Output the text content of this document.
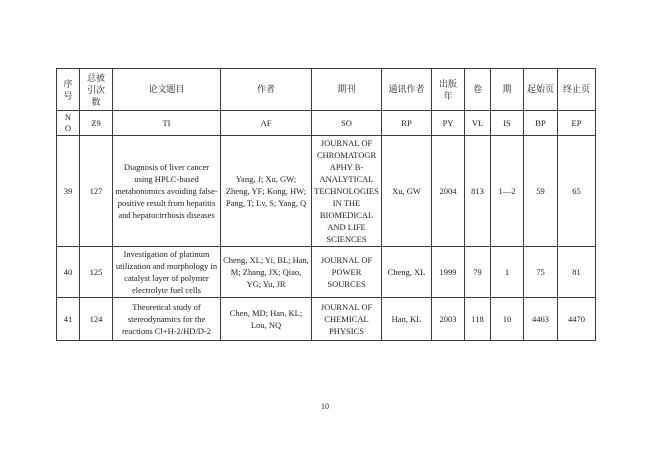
序号	总被引次数	论文题目	作者	期刊	通讯作者	出版年	卷	期	起始页	终止页
NO	Z9	TI	AF	SO	RP	PY	VL	IS	BP	EP
39	127	Diagnosis of liver cancer using HPLC-based metabonomics avoiding false-positive result from hepatitis and hepatocirrhosis diseases	Yang, J; Xu, GW; Zheng, YF; Kong, HW; Pang, T; Lv, S; Yang, Q	JOURNAL OF CHROMATOGRAPHY B-ANALYTICAL TECHNOLOGIES IN THE BIOMEDICAL AND LIFE SCIENCES	Xu, GW	2004	813	1—2	59	65
40	125	Investigation of platinum utilization and morphology in catalyst layer of polymer electrolyte fuel cells	Cheng, XL; Yi, BL; Han, M; Zhang, JX; Qiao, YG; Yu, JR	JOURNAL OF POWER SOURCES	Cheng, XL	1999	79	1	75	81
41	124	Theoretical study of stereodynamics for the reactions Cl+H-2/HD/D-2	Chen, MD; Han, KL; Lou, NQ	JOURNAL OF CHEMICAL PHYSICS	Han, KL	2003	118	10	4463	4470
10
